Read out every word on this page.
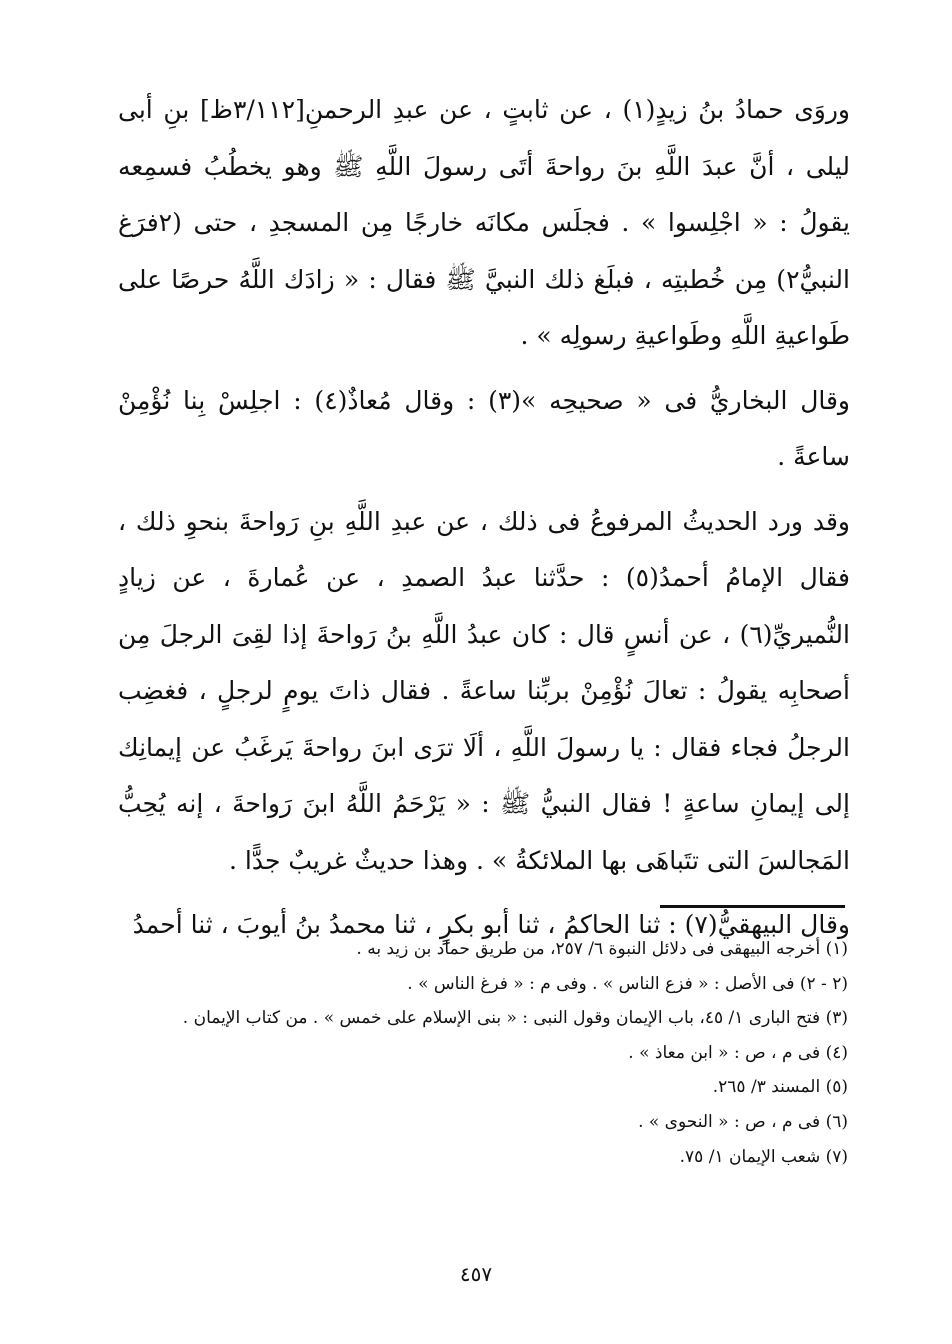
وروَى حمادُ بنُ زيدٍ(١) ، عن ثابتٍ ، عن عبدِ الرحمنِ[٣/١١٢ظ] بنِ أبى ليلى ، أنَّ عبدَ اللَّهِ بنَ رواحةَ أتَى رسولَ اللَّهِ ﷺ وهو يخطُبُ فسمِعه يقولُ : « اجْلِسوا » . فجلَس مكانَه خارجًا مِن المسجدِ ، حتى (٢فرَغ النبيُّ٢) مِن خُطبتِه ، فبلَغ ذلك النبيَّ ﷺ فقال : « زادَك اللَّهُ حرصًا على طَواعيةِ اللَّهِ وطَواعيةِ رسولِه » .

وقال البخاريُّ فى « صحيحِه »(٣) : وقال مُعاذٌ(٤) : اجلِسْ بِنا نُؤْمِنْ ساعةً .

وقد ورد الحديثُ المرفوعُ فى ذلك ، عن عبدِ اللَّهِ بنِ رَواحةَ بنحوِ ذلك ، فقال الإمامُ أحمدُ(٥) : حدَّثنا عبدُ الصمدِ ، عن عُمارةَ ، عن زيادٍ النُّميريِّ(٦) ، عن أنسٍ قال : كان عبدُ اللَّهِ بنُ رَواحةَ إذا لقِىَ الرجلَ مِن أصحابِه يقولُ : تعالَ نُؤْمِنْ بربِّنا ساعةً . فقال ذاتَ يومٍ لرجلٍ ، فغضِب الرجلُ فجاء فقال : يا رسولَ اللَّهِ ، ألَا ترَى ابنَ رواحةَ يَرغَبُ عن إيمانِك إلى إيمانِ ساعةٍ ! فقال النبيُّ ﷺ : « يَرْحَمُ اللَّهُ ابنَ رَواحةَ ، إنه يُحِبُّ المَجالسَ التى تتَباهَى بها الملائكةُ » . وهذا حديثٌ غريبٌ جدًّا .

وقال البيهقيُّ(٧) : ثنا الحاكمُ ، ثنا أبو بكرٍ ، ثنا محمدُ بنُ أيوبَ ، ثنا أحمدُ

(١) أخرجه البيهقى فى دلائل النبوة ٦/ ٢٥٧، من طريق حماد بن زيد به .
(٢ - ٢) فى الأصل : « فزع الناس » . وفى م : « فرغ الناس » .
(٣) فتح البارى ١/ ٤٥، باب الإيمان وقول النبى : « بنى الإسلام على خمس » . من كتاب الإيمان .
(٤) فى م ، ص : « ابن معاذ » .
(٥) المسند ٣/ ٢٦٥.
(٦) فى م ، ص : « النحوى » .
(٧) شعب الإيمان ١/ ٧٥.
٤٥٧
